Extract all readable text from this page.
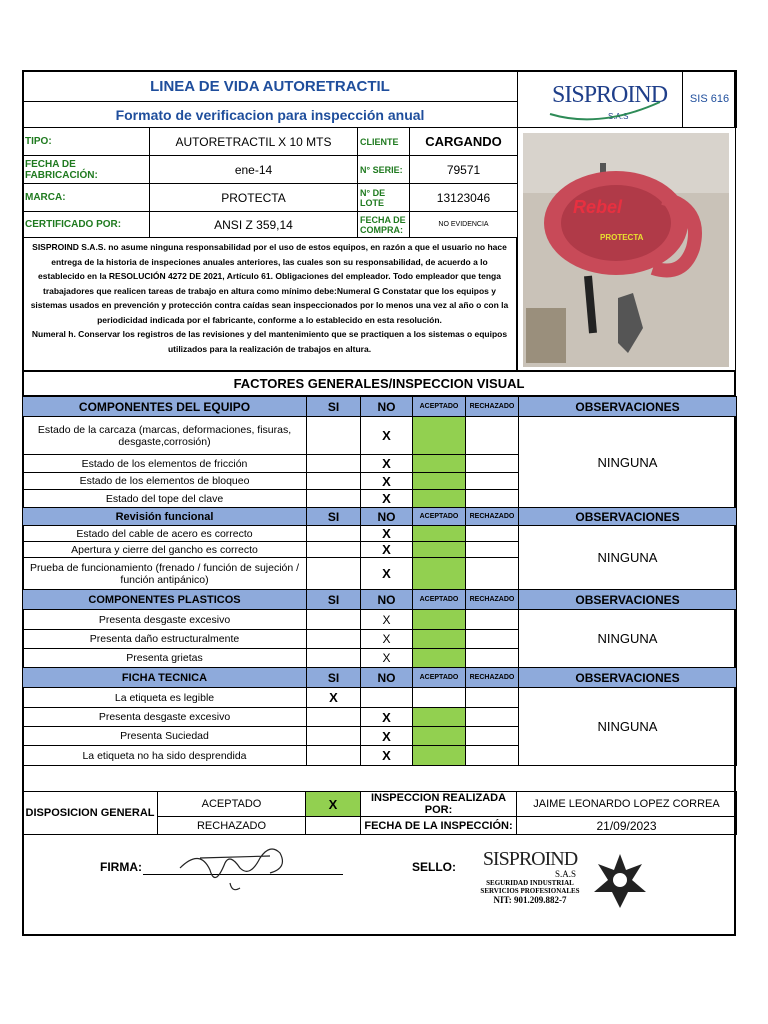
LINEA DE VIDA AUTORETRACTIL	SISPROIND
S.A.S
	SIS 616
Formato de verificacion para inspección anual
TIPO:	AUTORETRACTIL X 10 MTS	CLIENTE	CARGANDO
FECHA DE FABRICACIÓN:	ene-14	N° SERIE:	79571
MARCA:	PROTECTA	N° DE LOTE	13123046
CERTIFICADO POR:	ANSI Z 359,14	FECHA DE COMPRA:	NO EVIDENCIA
SISPROIND S.A.S. no asume ninguna responsabilidad por el uso de estos equipos, en razón a que el usuario no hace entrega de la historia de inspeciones anuales anteriores, las cuales son su responsabilidad, de acuerdo a lo establecido en la RESOLUCIÓN 4272 DE 2021, Artículo 61. Obligaciones del empleador. Todo empleador que tenga trabajadores que realicen tareas de trabajo en altura como mínimo debe:Numeral G Constatar que los equipos y sistemas usados en prevención y protección contra caídas sean inspeccionados por lo menos una vez al año o con la periodicidad indicada por el fabricante, conforme a lo establecido en esta resolución.
Numeral h. Conservar los registros de las revisiones y del mantenimiento que se practiquen a los sistemas o equipos utilizados para la realización de trabajos en altura.
Rebel
PROTECTA
FACTORES GENERALES/INSPECCION VISUAL
COMPONENTES DEL EQUIPO	SI	NO	ACEPTADO	RECHAZADO	OBSERVACIONES
Estado de la carcaza (marcas, deformaciones, fisuras, desgaste,corrosión)		X			NINGUNA
Estado de los elementos de fricción		X			
Estado de los elementos de bloqueo		X			
Estado del tope del clave		X			
Revisión funcional	SI	NO	ACEPTADO	RECHAZADO	OBSERVACIONES
Estado del cable de acero es correcto		X			NINGUNA
Apertura y cierre del gancho es correcto		X			
Prueba de funcionamiento (frenado / función de sujeción / función antipánico)		X			
COMPONENTES PLASTICOS	SI	NO	ACEPTADO	RECHAZADO	OBSERVACIONES
Presenta desgaste excesivo		X			NINGUNA
Presenta daño estructuralmente		X			
Presenta grietas		X			
FICHA TECNICA	SI	NO	ACEPTADO	RECHAZADO	OBSERVACIONES
La etiqueta es legible	X				NINGUNA
Presenta desgaste excesivo		X			
Presenta Suciedad		X			
La etiqueta no ha sido desprendida		X			
DISPOSICION GENERAL	ACEPTADO	X	INSPECCION REALIZADA POR:	JAIME LEONARDO LOPEZ CORREA
	RECHAZADO		FECHA DE LA INSPECCIÓN:	21/09/2023
FIRMA:	SELLO:	SISPROIND
S.A.S
SEGURIDAD INDUSTRIAL
SERVICIOS PROFESIONALES
NIT: 901.209.882-7
